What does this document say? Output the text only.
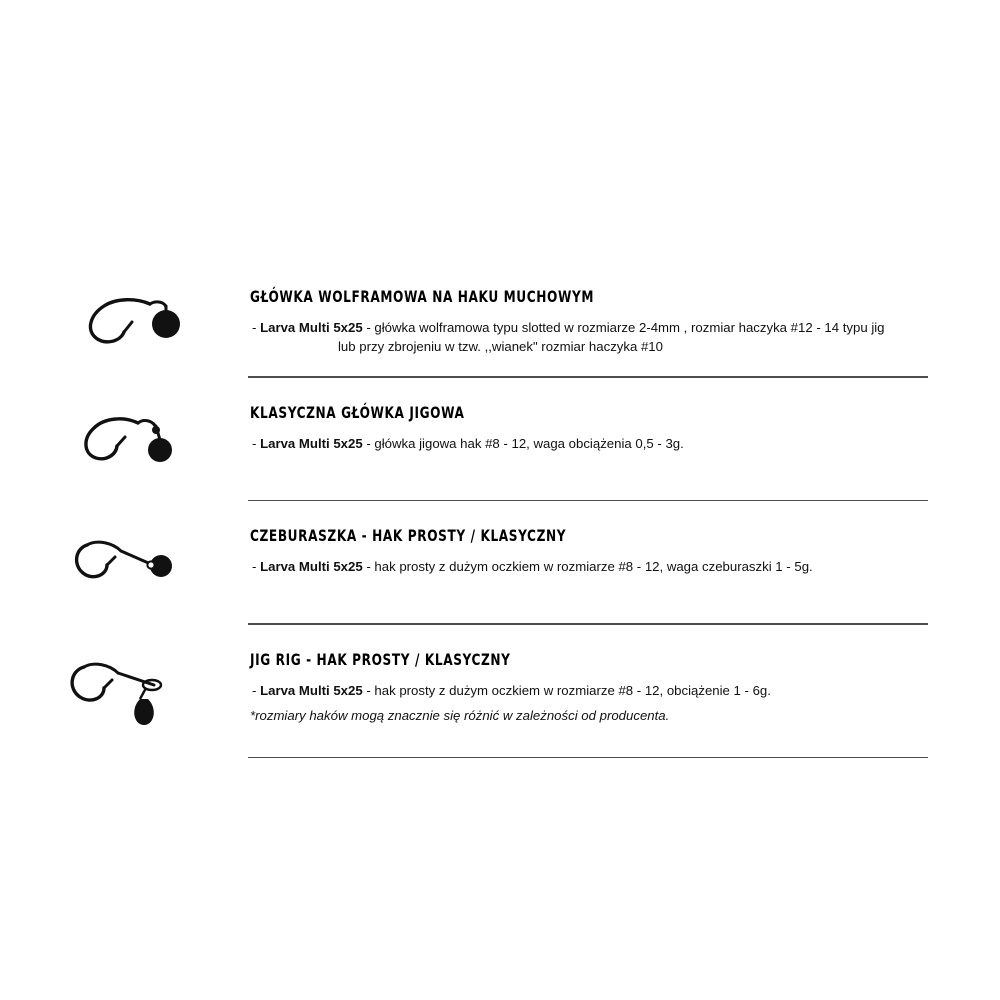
GŁÓWKA WOLFRAMOWA NA HAKU MUCHOWYM

- Larva Multi 5x25 - główka wolframowa typu slotted w rozmiarze 2-4mm , rozmiar haczyka #12 - 14 typu jig
lub przy zbrojeniu w tzw. ,,wianek" rozmiar haczyka #10

KLASYCZNA GŁÓWKA JIGOWA

- Larva Multi 5x25 - główka jigowa hak #8 - 12, waga obciążenia 0,5 - 3g.

CZEBURASZKA - HAK PROSTY / KLASYCZNY

- Larva Multi 5x25 - hak prosty z dużym oczkiem w rozmiarze #8 - 12, waga czeburaszki 1 - 5g.

JIG RIG - HAK PROSTY / KLASYCZNY

- Larva Multi 5x25 - hak prosty z dużym oczkiem w rozmiarze #8 - 12, obciążenie 1 - 6g.

*rozmiary haków mogą znacznie się różnić w zależności od producenta.
